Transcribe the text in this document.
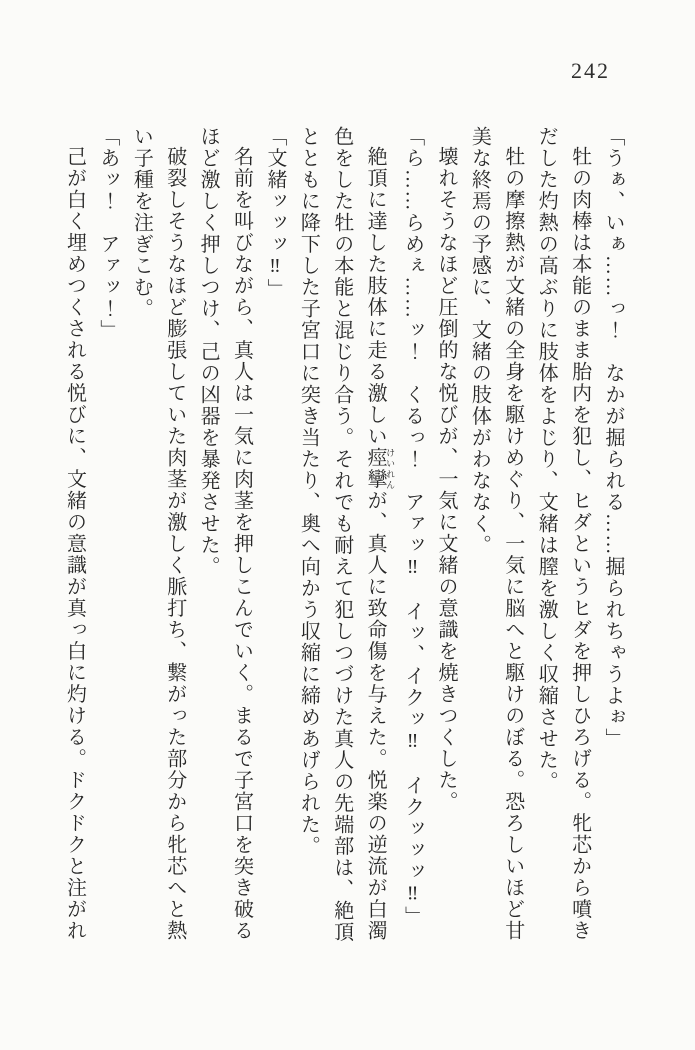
242

「うぁ、いぁ……っ！　なかが掘られる……掘られちゃうよぉ」

牡の肉棒は本能のまま胎内を犯し、ヒダというヒダを押しひろげる。牝芯から噴きだした灼熱の高ぶりに肢体をよじり、文緒は膣を激しく収縮させた。

牡の摩擦熱が文緒の全身を駆けめぐり、一気に脳へと駆けのぼる。恐ろしいほど甘美な終焉の予感に、文緒の肢体がわななく。

壊れそうなほど圧倒的な悦びが、一気に文緒の意識を焼きつくした。

「ら……らめぇ……ッ！　くるっ！　アァッ‼　イッ、イクッ‼　イクッッッ‼」

絶頂に達した肢体に走る激しい痙攣 けいれんが、真人に致命傷を与えた。悦楽の逆流が白濁色をした牡の本能と混じり合う。それでも耐えて犯しつづけた真人の先端部は、絶頂とともに降下した子宮口に突き当たり、奥へ向かう収縮に締めあげられた。

「文緒ッッッ‼」

名前を叫びながら、真人は一気に肉茎を押しこんでいく。まるで子宮口を突き破るほど激しく押しつけ、己の凶器を暴発させた。

破裂しそうなほど膨張していた肉茎が激しく脈打ち、繋がった部分から牝芯へと熱い子種を注ぎこむ。

「あッ！　アァッ！」

己が白く埋めつくされる悦びに、文緒の意識が真っ白に灼ける。ドクドクと注がれ
